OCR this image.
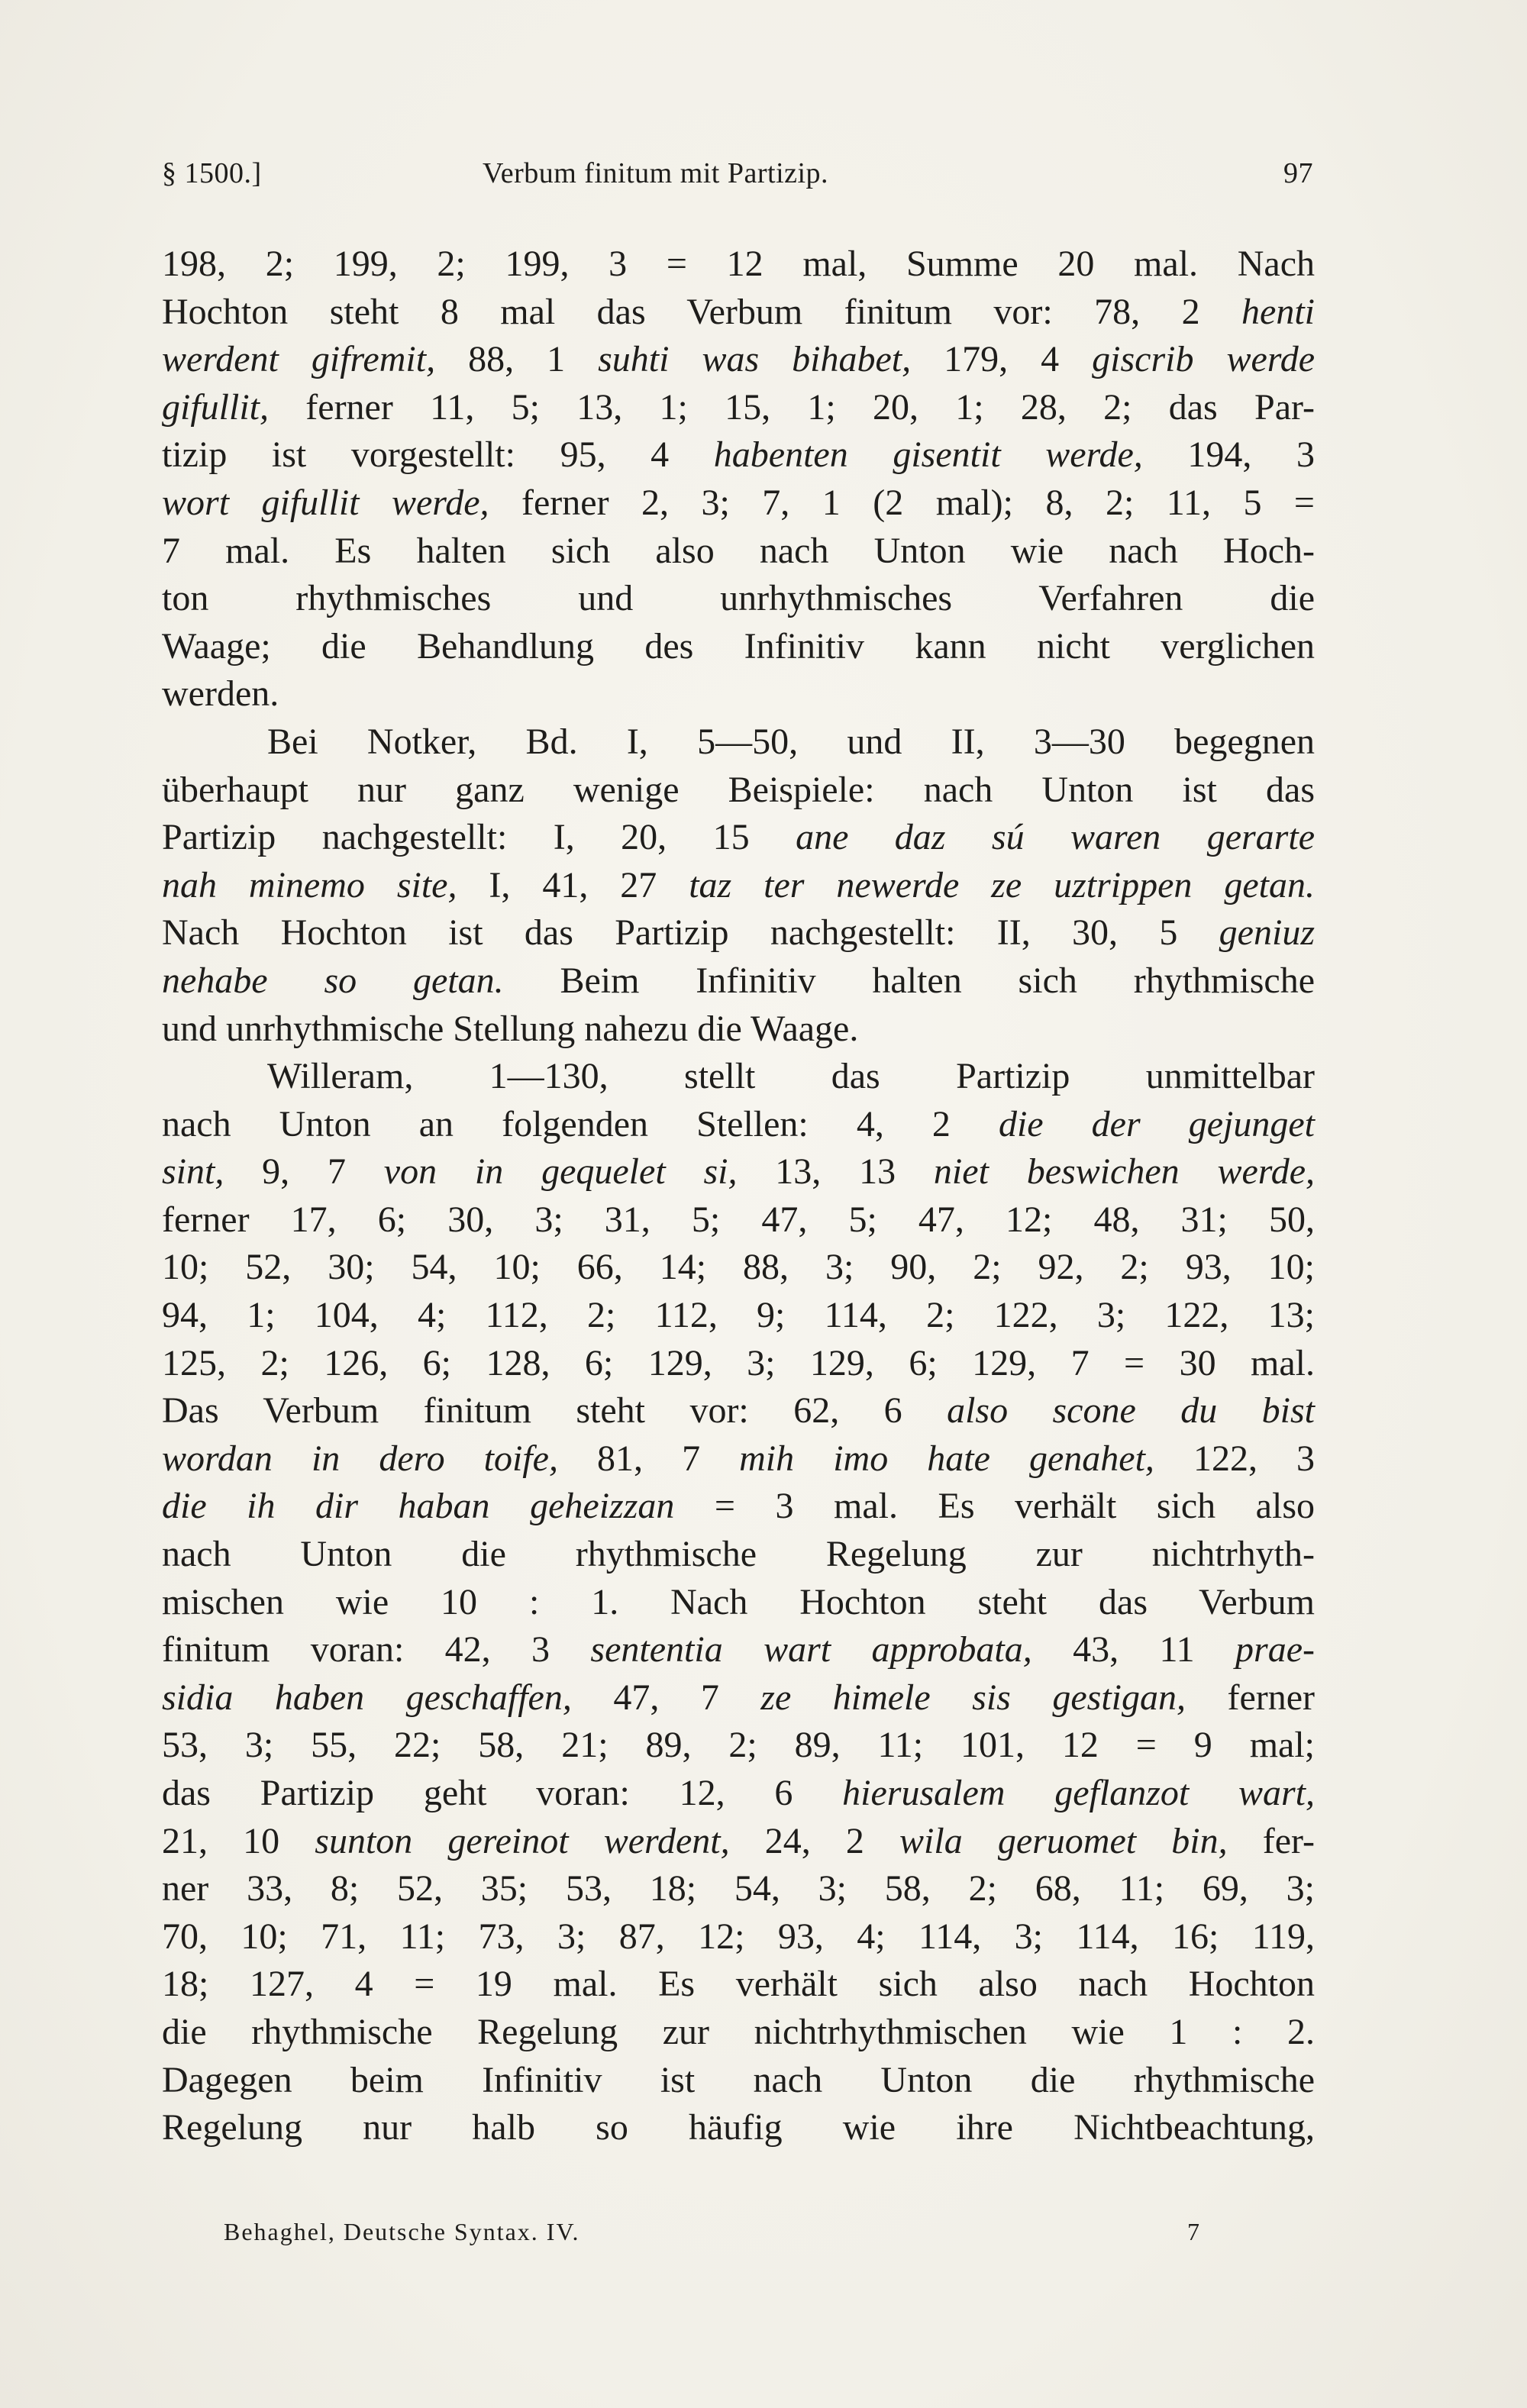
§ 1500.]	Verbum finitum mit Partizip.	97
198, 2; 199, 2; 199, 3 = 12 mal, Summe 20 mal. Nach
Hochton steht 8 mal das Verbum finitum vor: 78, 2 henti
werdent gifremit, 88, 1 suhti was bihabet, 179, 4 giscrib werde
gifullit, ferner 11, 5; 13, 1; 15, 1; 20, 1; 28, 2; das Par-
tizip ist vorgestellt: 95, 4 habenten gisentit werde, 194, 3
wort gifullit werde, ferner 2, 3; 7, 1 (2 mal); 8, 2; 11, 5 =
7 mal. Es halten sich also nach Unton wie nach Hoch-
ton rhythmisches und unrhythmisches Verfahren die
Waage; die Behandlung des Infinitiv kann nicht verglichen
werden.
Bei Notker, Bd. I, 5—50, und II, 3—30 begegnen
überhaupt nur ganz wenige Beispiele: nach Unton ist das
Partizip nachgestellt: I, 20, 15 ane daz sú waren gerarte
nah minemo site, I, 41, 27 taz ter newerde ze uztrippen getan.
Nach Hochton ist das Partizip nachgestellt: II, 30, 5 geniuz
nehabe so getan. Beim Infinitiv halten sich rhythmische
und unrhythmische Stellung nahezu die Waage.
Willeram, 1—130, stellt das Partizip unmittelbar
nach Unton an folgenden Stellen: 4, 2 die der gejunget
sint, 9, 7 von in gequelet si, 13, 13 niet beswichen werde,
ferner 17, 6; 30, 3; 31, 5; 47, 5; 47, 12; 48, 31; 50,
10; 52, 30; 54, 10; 66, 14; 88, 3; 90, 2; 92, 2; 93, 10;
94, 1; 104, 4; 112, 2; 112, 9; 114, 2; 122, 3; 122, 13;
125, 2; 126, 6; 128, 6; 129, 3; 129, 6; 129, 7 = 30 mal.
Das Verbum finitum steht vor: 62, 6 also scone du bist
wordan in dero toife, 81, 7 mih imo hate genahet, 122, 3
die ih dir haban geheizzan = 3 mal. Es verhält sich also
nach Unton die rhythmische Regelung zur nichtrhyth-
mischen wie 10 : 1. Nach Hochton steht das Verbum
finitum voran: 42, 3 sententia wart approbata, 43, 11 prae-
sidia haben geschaffen, 47, 7 ze himele sis gestigan, ferner
53, 3; 55, 22; 58, 21; 89, 2; 89, 11; 101, 12 = 9 mal;
das Partizip geht voran: 12, 6 hierusalem geflanzot wart,
21, 10 sunton gereinot werdent, 24, 2 wila geruomet bin, fer-
ner 33, 8; 52, 35; 53, 18; 54, 3; 58, 2; 68, 11; 69, 3;
70, 10; 71, 11; 73, 3; 87, 12; 93, 4; 114, 3; 114, 16; 119,
18; 127, 4 = 19 mal. Es verhält sich also nach Hochton
die rhythmische Regelung zur nichtrhythmischen wie 1 : 2.
Dagegen beim Infinitiv ist nach Unton die rhythmische
Regelung nur halb so häufig wie ihre Nichtbeachtung,
Behaghel, Deutsche Syntax. IV.	7
